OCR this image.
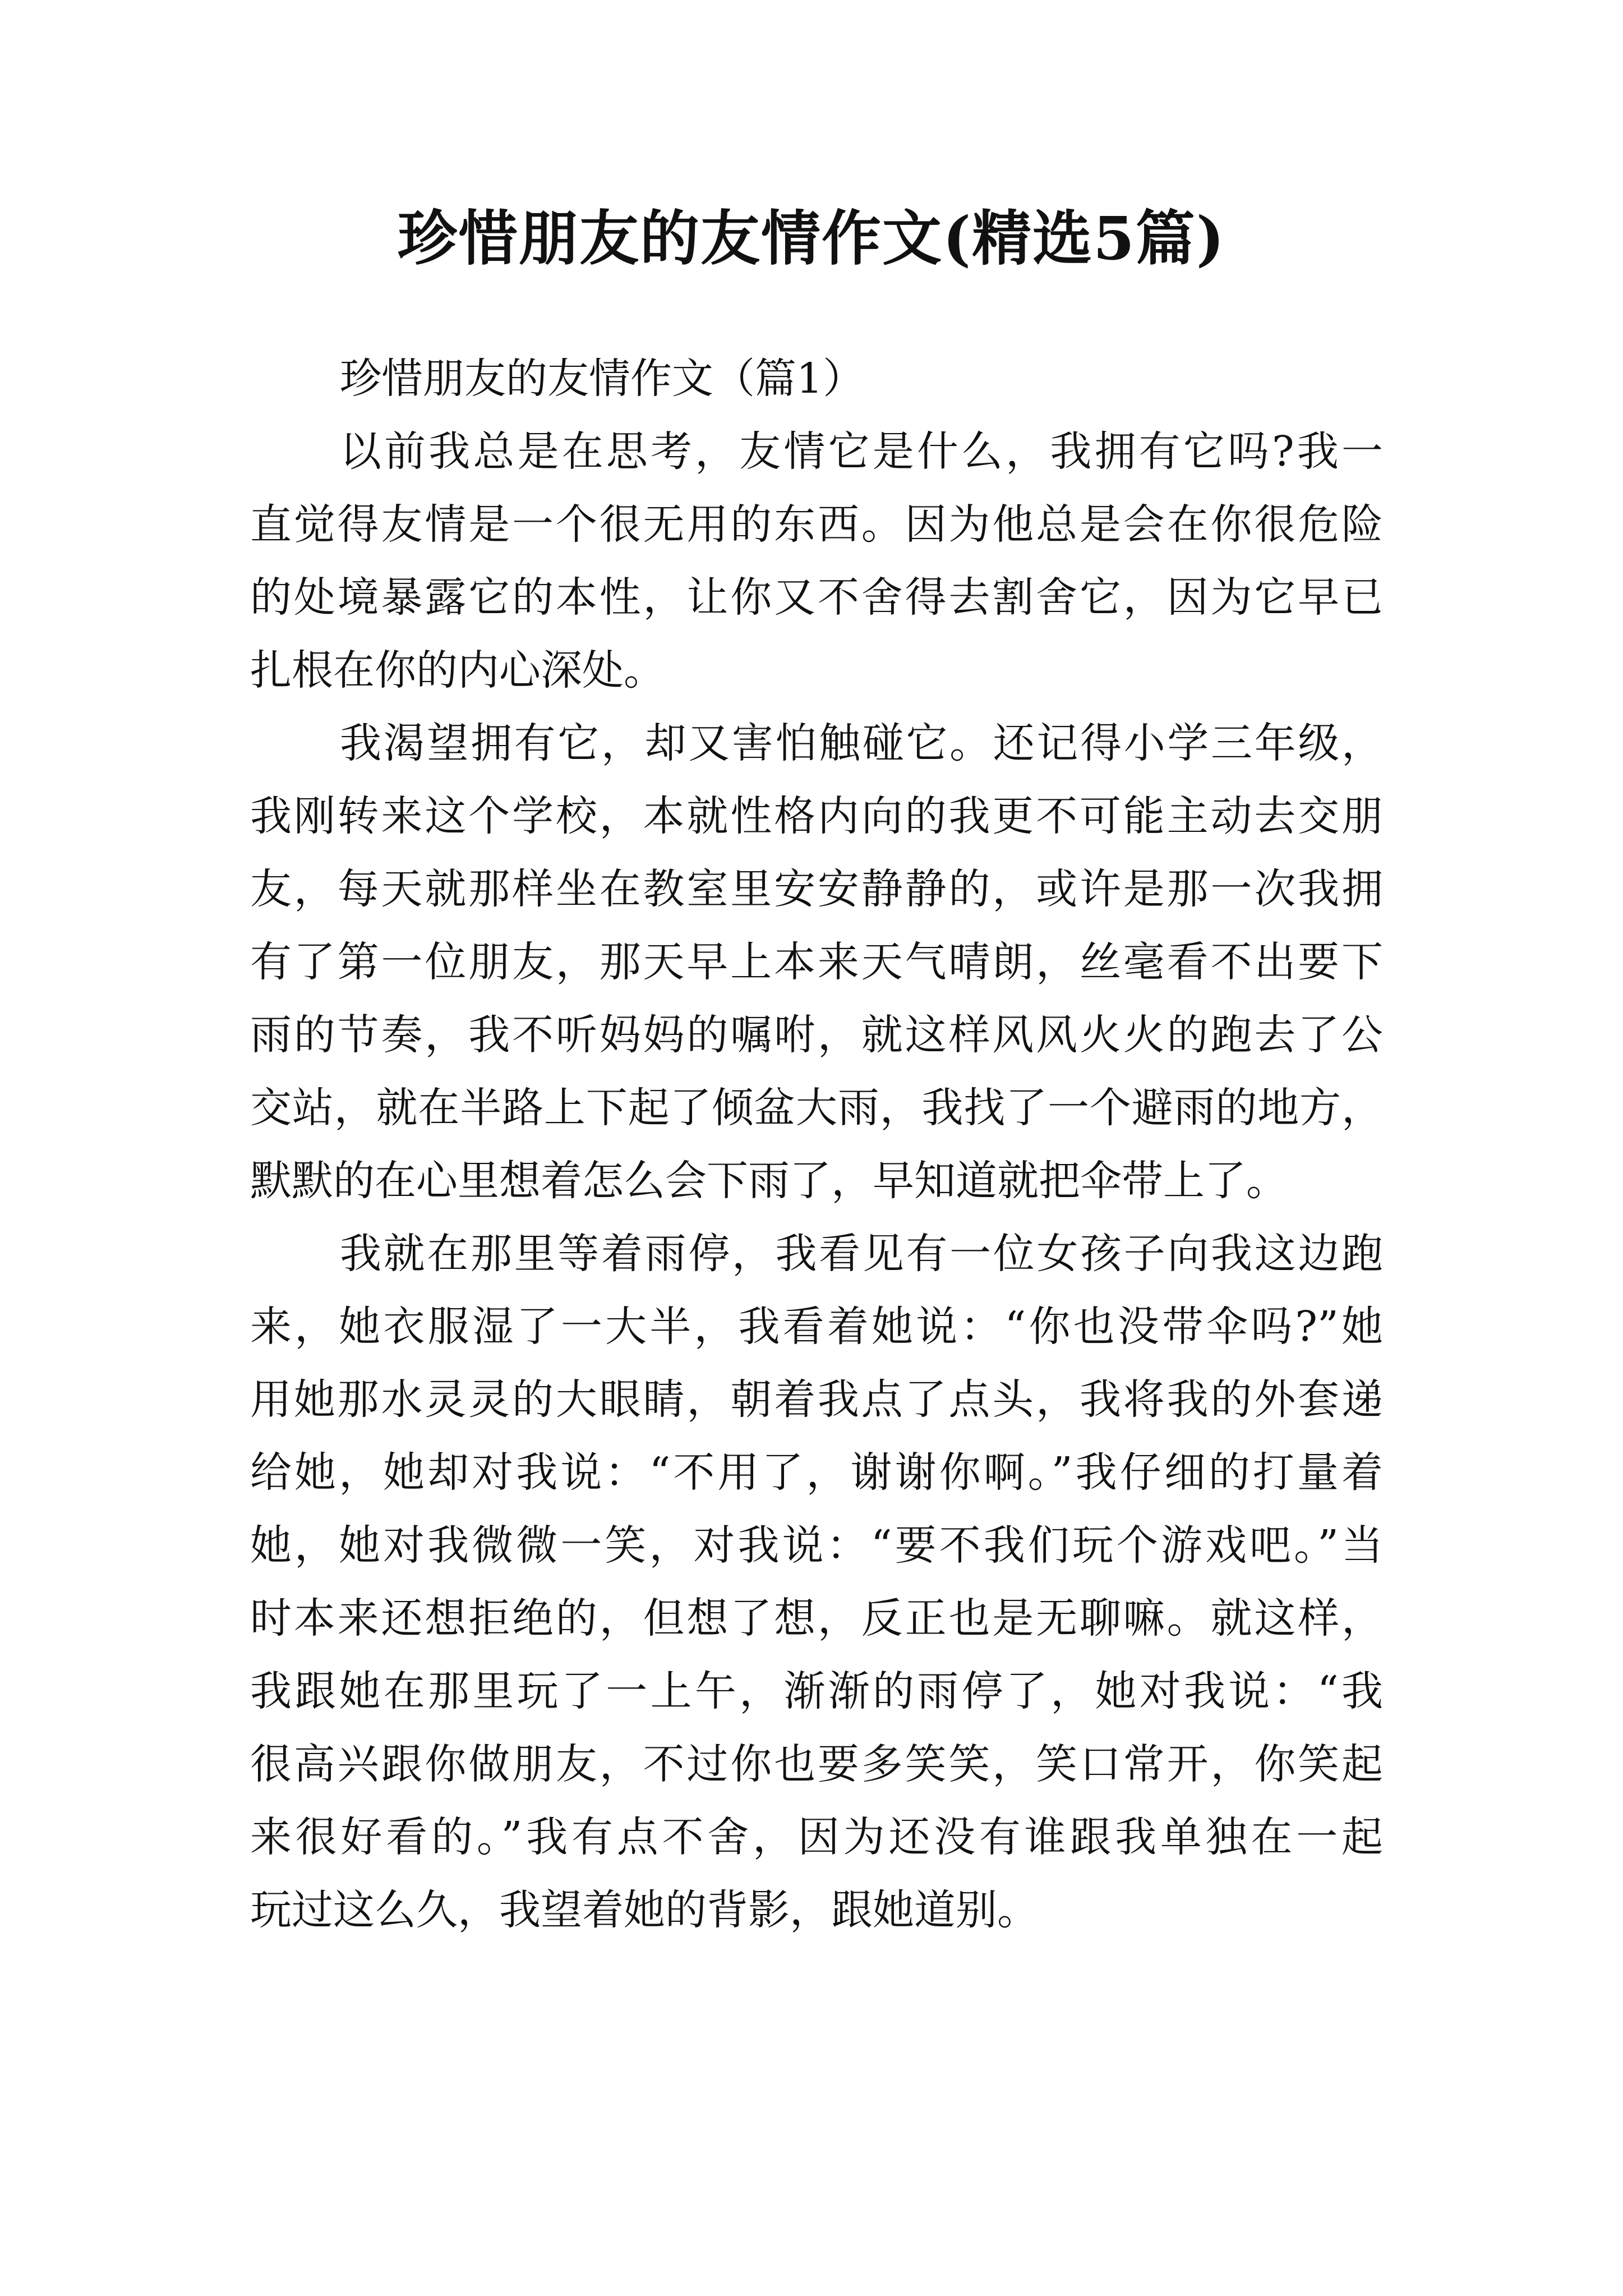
珍惜朋友的友情作文(精选5篇)

珍惜朋友的友情作文（篇1）

以前我总是在思考，友情它是什么，我拥有它吗?我一

直觉得友情是一个很无用的东西。因为他总是会在你很危险

的处境暴露它的本性，让你又不舍得去割舍它，因为它早已

扎根在你的内心深处。

我渴望拥有它，却又害怕触碰它。还记得小学三年级，

我刚转来这个学校，本就性格内向的我更不可能主动去交朋

友，每天就那样坐在教室里安安静静的，或许是那一次我拥

有了第一位朋友，那天早上本来天气晴朗，丝毫看不出要下

雨的节奏，我不听妈妈的嘱咐，就这样风风火火的跑去了公

交站，就在半路上下起了倾盆大雨，我找了一个避雨的地方，

默默的在心里想着怎么会下雨了，早知道就把伞带上了。

我就在那里等着雨停，我看见有一位女孩子向我这边跑

来，她衣服湿了一大半，我看着她说：“你也没带伞吗?”她

用她那水灵灵的大眼睛，朝着我点了点头，我将我的外套递

给她，她却对我说：“不用了，谢谢你啊。”我仔细的打量着

她，她对我微微一笑，对我说：“要不我们玩个游戏吧。”当

时本来还想拒绝的，但想了想，反正也是无聊嘛。就这样，

我跟她在那里玩了一上午，渐渐的雨停了，她对我说：“我

很高兴跟你做朋友，不过你也要多笑笑，笑口常开，你笑起

来很好看的。”我有点不舍，因为还没有谁跟我单独在一起

玩过这么久，我望着她的背影，跟她道别。
